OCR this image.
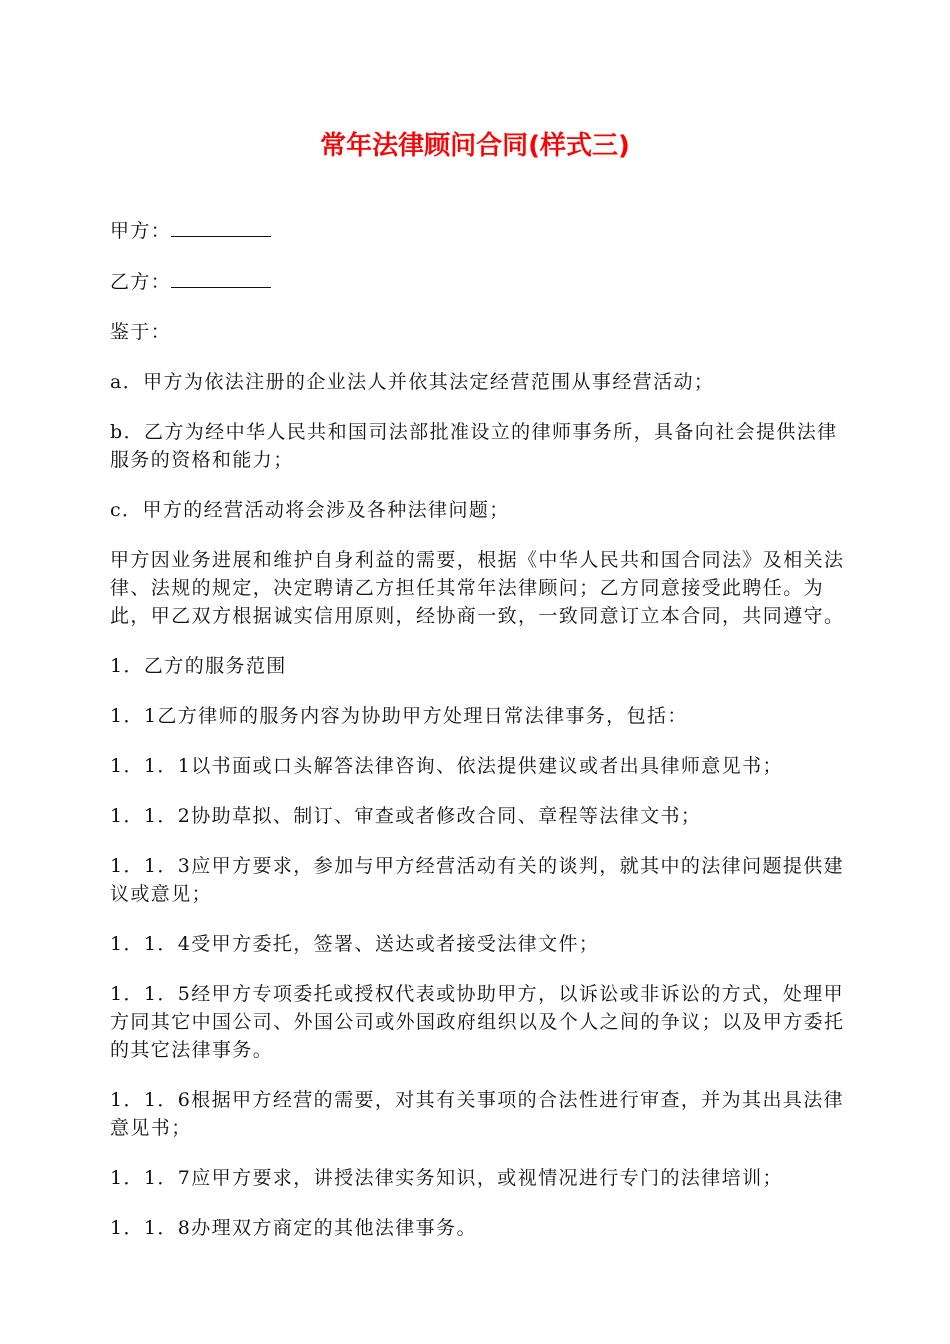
常年法律顾问合同(样式三)

甲方：

乙方：

鉴于：

a．甲方为依法注册的企业法人并依其法定经营范围从事经营活动；

b．乙方为经中华人民共和国司法部批准设立的律师事务所，具备向社会提供法律服务的资格和能力；

c．甲方的经营活动将会涉及各种法律问题；

甲方因业务进展和维护自身利益的需要，根据《中华人民共和国合同法》及相关法律、法规的规定，决定聘请乙方担任其常年法律顾问；乙方同意接受此聘任。为此，甲乙双方根据诚实信用原则，经协商一致，一致同意订立本合同，共同遵守。

1．乙方的服务范围

1．1乙方律师的服务内容为协助甲方处理日常法律事务，包括：

1．1．1以书面或口头解答法律咨询、依法提供建议或者出具律师意见书；

1．1．2协助草拟、制订、审查或者修改合同、章程等法律文书；

1．1．3应甲方要求，参加与甲方经营活动有关的谈判，就其中的法律问题提供建议或意见；

1．1．4受甲方委托，签署、送达或者接受法律文件；

1．1．5经甲方专项委托或授权代表或协助甲方，以诉讼或非诉讼的方式，处理甲方同其它中国公司、外国公司或外国政府组织以及个人之间的争议；以及甲方委托的其它法律事务。

1．1．6根据甲方经营的需要，对其有关事项的合法性进行审查，并为其出具法律意见书；

1．1．7应甲方要求，讲授法律实务知识，或视情况进行专门的法律培训；

1．1．8办理双方商定的其他法律事务。
